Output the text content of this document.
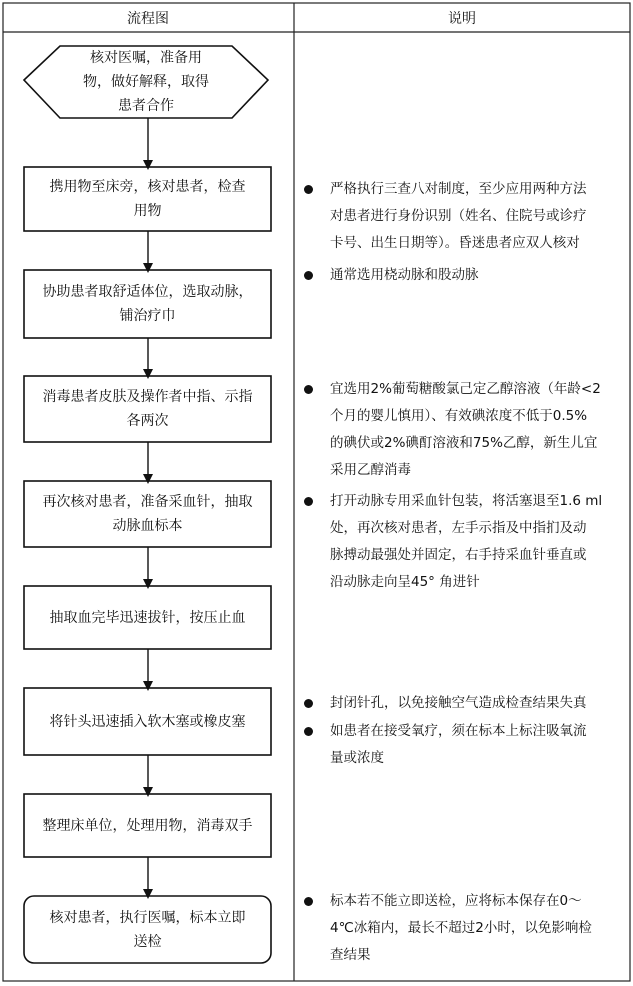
流程图	说明
核对医嘱，准备用
物，做好解释，取得
患者合作
携用物至床旁，核对患者，检查
用物
协助患者取舒适体位，选取动脉，
铺治疗巾
消毒患者皮肤及操作者中指、示指
各两次
再次核对患者，准备采血针，抽取
动脉血标本
抽取血完毕迅速拔针，按压止血
将针头迅速插入软木塞或橡皮塞
整理床单位，处理用物，消毒双手
核对患者，执行医嘱，标本立即
送检
严格执行三查八对制度，至少应用两种方法
对患者进行身份识别（姓名、住院号或诊疗
卡号、出生日期等）。昏迷患者应双人核对
通常选用桡动脉和股动脉
宜选用2%葡萄糖酸氯己定乙醇溶液（年龄<2
个月的婴儿慎用）、有效碘浓度不低于0.5%
的碘伏或2%碘酊溶液和75%乙醇，新生儿宜
采用乙醇消毒
打开动脉专用采血针包装，将活塞退至1.6 ml
处，再次核对患者，左手示指及中指扪及动
脉搏动最强处并固定，右手持采血针垂直或
沿动脉走向呈45° 角进针
封闭针孔，以免接触空气造成检查结果失真
如患者在接受氧疗，须在标本上标注吸氧流
量或浓度
标本若不能立即送检，应将标本保存在0～
4℃冰箱内，最长不超过2小时，以免影响检
查结果
